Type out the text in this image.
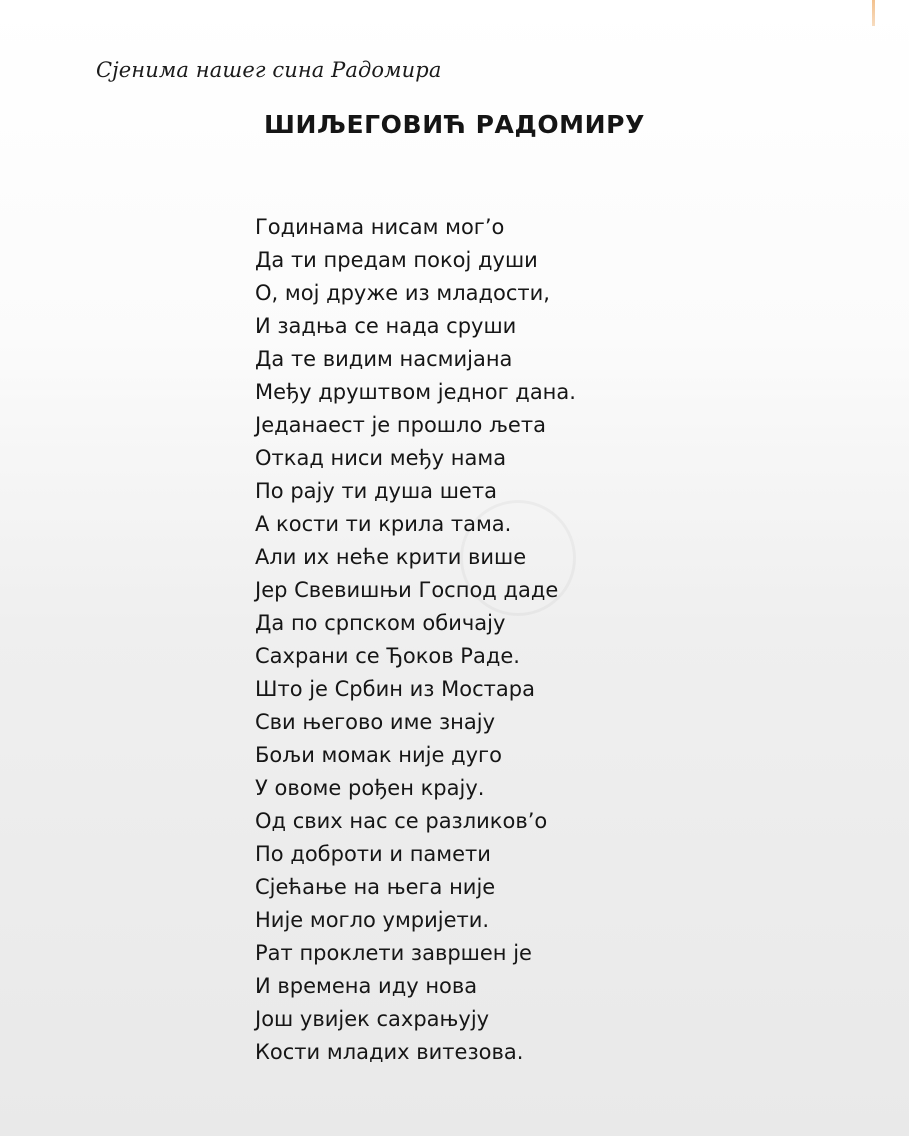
Сјенима нашег сина Радомира
ШИЉЕГОВИЋ РАДОМИРУ
Годинама нисам мог’о
Да ти предам покој души
О, мој друже из младости,
И задња се нада сруши
Да те видим насмијана
Међу друштвом једног дана.
Једанаест је прошло љета
Откад ниси међу нама
По рају ти душа шета
А кости ти крила тама.
Али их неће крити више
Јер Свевишњи Господ даде
Да по српском обичају
Сахрани се Ђоков Раде.
Што је Србин из Мостара
Сви његово име знају
Бољи момак није дуго
У овоме рођен крају.
Од свих нас се разликов’о
По доброти и памети
Сјећање на њега није
Није могло умријети.
Рат проклети завршен је
И времена иду нова
Још увијек сахрањују
Кости младих витезова.
